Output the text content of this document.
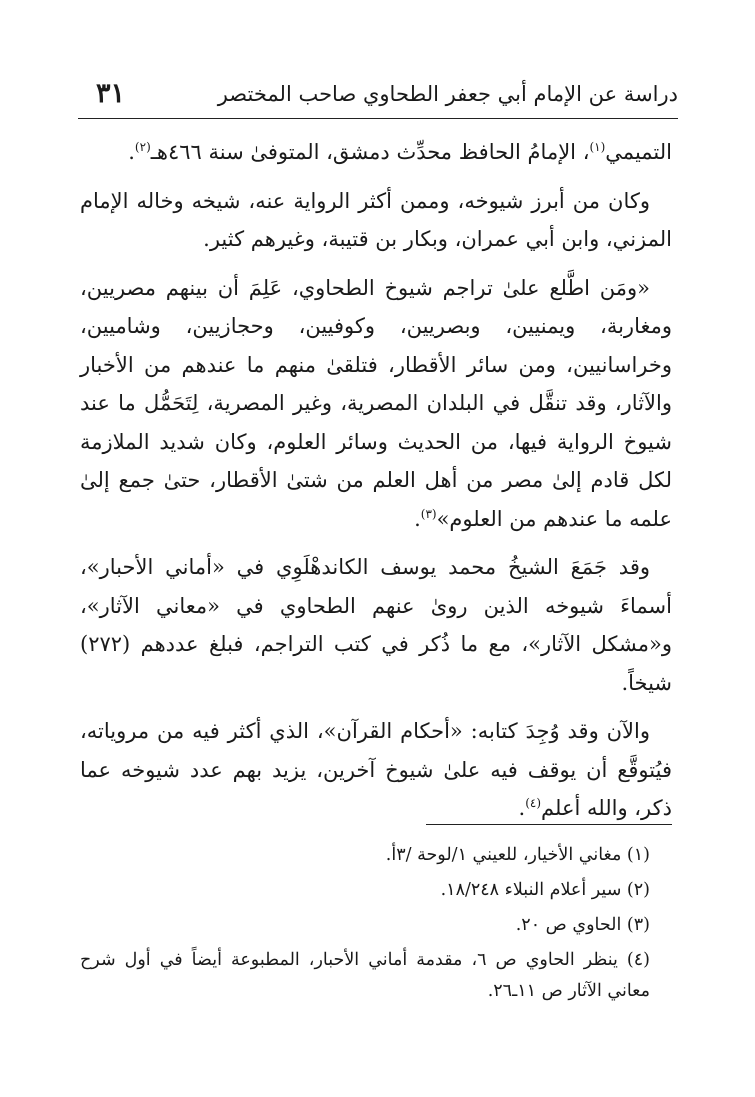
دراسة عن الإمام أبي جعفر الطحاوي صاحب المختصر
٣١

التميمي$^{(١)}$، الإمامُ الحافظ محدِّث دمشق، المتوفىٰ سنة ٤٦٦هـ$^{(٢)}$.

وكان من أبرز شيوخه، وممن أكثر الرواية عنه، شيخه وخاله الإمام المزني، وابن أبي عمران، وبكار بن قتيبة، وغيرهم كثير.

«ومَن اطَّلع علىٰ تراجم شيوخ الطحاوي، عَلِمَ أن بينهم مصريين، ومغاربة، ويمنيين، وبصريين، وكوفيين، وحجازيين، وشاميين، وخراسانيين، ومن سائر الأقطار، فتلقىٰ منهم ما عندهم من الأخبار والآثار، وقد تنقَّل في البلدان المصرية، وغير المصرية، لِتَحَمُّل ما عند شيوخ الرواية فيها، من الحديث وسائر العلوم، وكان شديد الملازمة لكل قادم إلىٰ مصر من أهل العلم من شتىٰ الأقطار، حتىٰ جمع إلىٰ علمه ما عندهم من العلوم»$^{(٣)}$.

وقد جَمَعَ الشيخُ محمد يوسف الكاندهْلَوِي في «أماني الأحبار»، أسماءَ شيوخه الذين روىٰ عنهم الطحاوي في «معاني الآثار»، و«مشكل الآثار»، مع ما ذُكر في كتب التراجم، فبلغ عددهم (٢٧٢) شيخاً.

والآن وقد وُجِدَ كتابه: «أحكام القرآن»، الذي أكثر فيه من مروياته، فيُتوقَّع أن يوقف فيه علىٰ شيوخ آخرين، يزيد بهم عدد شيوخه عما ذكر، والله أعلم$^{(٤)}$.

(١) مغاني الأخيار، للعيني ١/لوحة /٣أ.

(٢) سير أعلام النبلاء ١٨/٢٤٨.

(٣) الحاوي ص ٢٠.

(٤) ينظر الحاوي ص ٦، مقدمة أماني الأحبار، المطبوعة أيضاً في أول شرح معاني الآثار ص ١١ـ٢٦.
